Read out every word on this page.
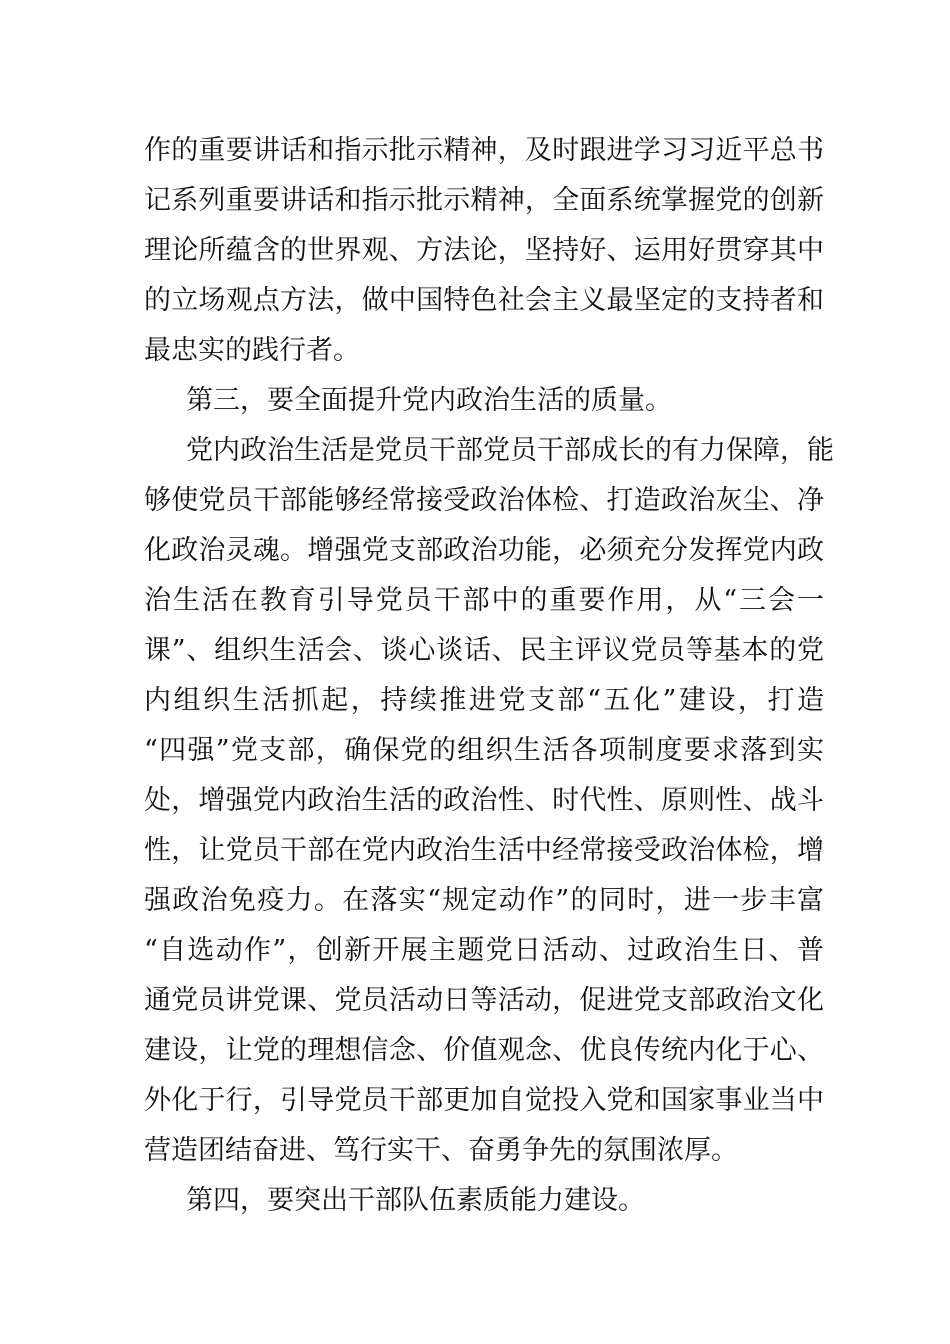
作的重要讲话和指示批示精神，及时跟进学习习近平总书
记系列重要讲话和指示批示精神，全面系统掌握党的创新
理论所蕴含的世界观、方法论，坚持好、运用好贯穿其中
的立场观点方法，做中国特色社会主义最坚定的支持者和
最忠实的践行者。
第三，要全面提升党内政治生活的质量。
党内政治生活是党员干部党员干部成长的有力保障，能
够使党员干部能够经常接受政治体检、打造政治灰尘、净
化政治灵魂。增强党支部政治功能，必须充分发挥党内政
治生活在教育引导党员干部中的重要作用，从“三会一
课”、组织生活会、谈心谈话、民主评议党员等基本的党
内组织生活抓起，持续推进党支部“五化”建设，打造
“四强”党支部，确保党的组织生活各项制度要求落到实
处，增强党内政治生活的政治性、时代性、原则性、战斗
性，让党员干部在党内政治生活中经常接受政治体检，增
强政治免疫力。在落实“规定动作”的同时，进一步丰富
“自选动作”，创新开展主题党日活动、过政治生日、普
通党员讲党课、党员活动日等活动，促进党支部政治文化
建设，让党的理想信念、价值观念、优良传统内化于心、
外化于行，引导党员干部更加自觉投入党和国家事业当中
营造团结奋进、笃行实干、奋勇争先的氛围浓厚。
第四，要突出干部队伍素质能力建设。
